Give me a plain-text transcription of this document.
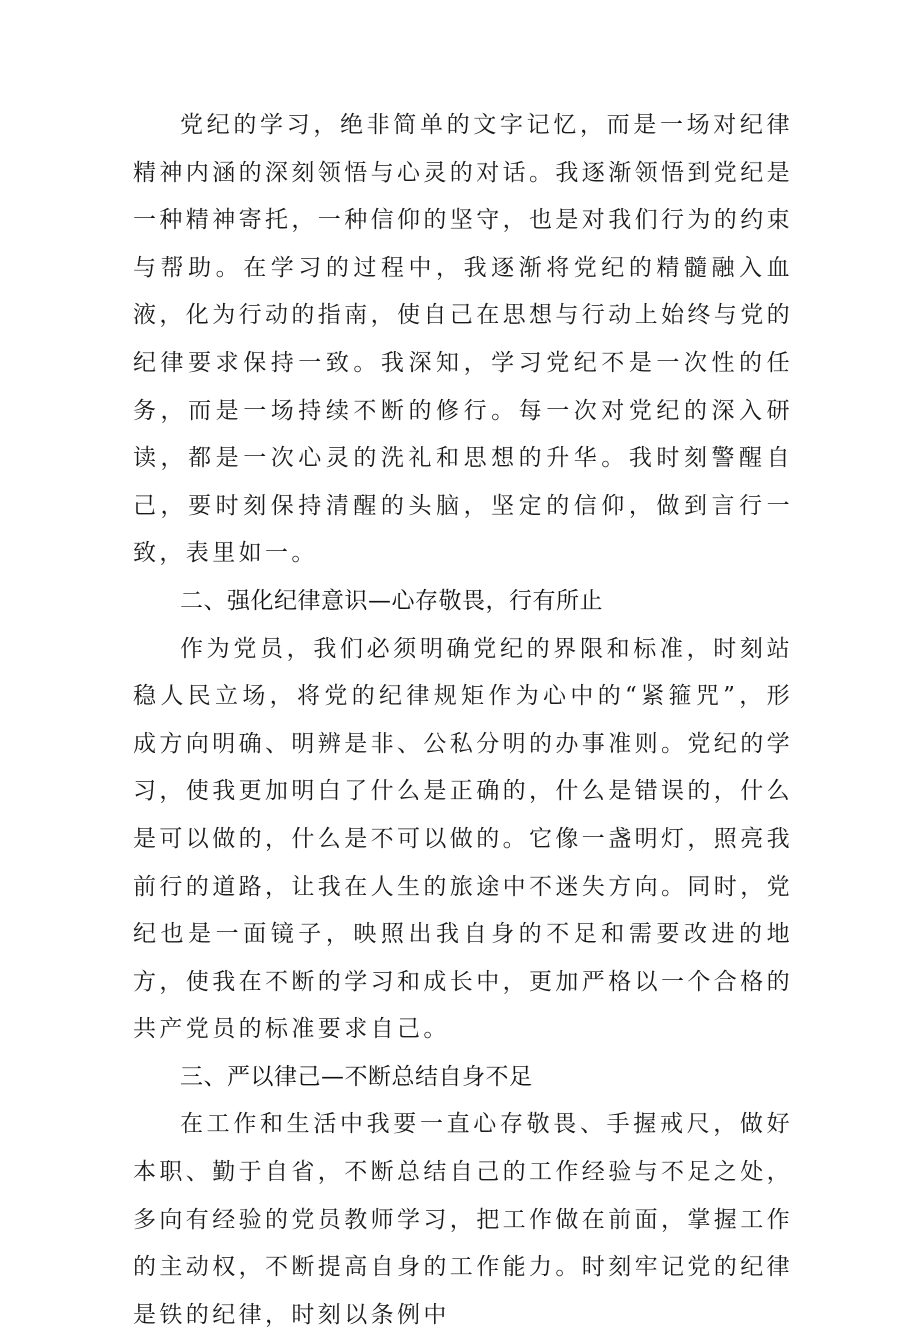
党纪的学习，绝非简单的文字记忆，而是一场对纪律精神内涵的深刻领悟与心灵的对话。我逐渐领悟到党纪是一种精神寄托，一种信仰的坚守，也是对我们行为的约束与帮助。在学习的过程中，我逐渐将党纪的精髓融入血液，化为行动的指南，使自己在思想与行动上始终与党的纪律要求保持一致。我深知，学习党纪不是一次性的任务，而是一场持续不断的修行。每一次对党纪的深入研读，都是一次心灵的洗礼和思想的升华。我时刻警醒自己，要时刻保持清醒的头脑，坚定的信仰，做到言行一致，表里如一。

二、强化纪律意识—心存敬畏，行有所止

作为党员，我们必须明确党纪的界限和标准，时刻站稳人民立场，将党的纪律规矩作为心中的“紧箍咒”，形成方向明确、明辨是非、公私分明的办事准则。党纪的学习，使我更加明白了什么是正确的，什么是错误的，什么是可以做的，什么是不可以做的。它像一盏明灯，照亮我前行的道路，让我在人生的旅途中不迷失方向。同时，党纪也是一面镜子，映照出我自身的不足和需要改进的地方，使我在不断的学习和成长中，更加严格以一个合格的共产党员的标准要求自己。

三、严以律己—不断总结自身不足

在工作和生活中我要一直心存敬畏、手握戒尺，做好本职、勤于自省，不断总结自己的工作经验与不足之处，多向有经验的党员教师学习，把工作做在前面，掌握工作的主动权，不断提高自身的工作能力。时刻牢记党的纪律是铁的纪律，时刻以条例中
